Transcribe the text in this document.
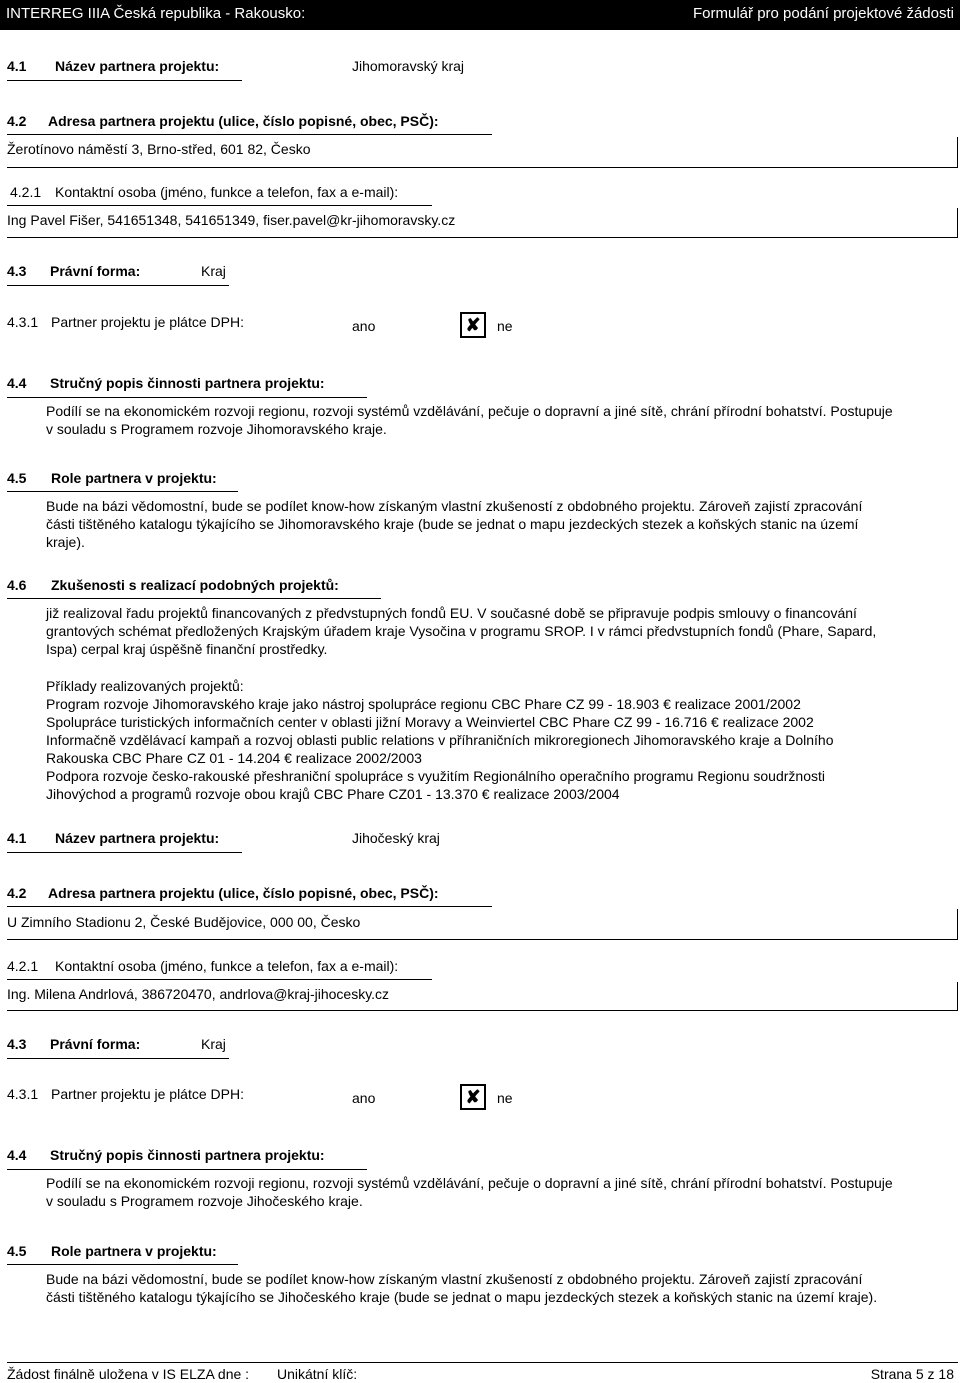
INTERREG IIIA Česká republika - Rakousko:	Formulář pro podání projektové žádosti
4.1 Název partnera projektu:	Jihomoravský kraj
4.2 Adresa partnera projektu (ulice, číslo popisné, obec, PSČ):
Žerotínovo náměstí 3, Brno-střed, 601 82, Česko
4.2.1 Kontaktní osoba (jméno, funkce a telefon, fax a e-mail):
Ing Pavel Fišer, 541651348, 541651349, fiser.pavel@kr-jihomoravsky.cz
4.3 Právní forma:	Kraj
4.3.1 Partner projektu je plátce DPH:	ano	✘ ne
4.4 Stručný popis činnosti partnera projektu:
Podílí se na ekonomickém rozvoji regionu, rozvoji systémů vzdělávání, pečuje o dopravní a jiné sítě, chrání přírodní bohatství. Postupuje
v souladu s Programem rozvoje Jihomoravského kraje.
4.5 Role partnera v projektu:
Bude na bázi vědomostní, bude se podílet know-how získaným vlastní zkušeností z obdobného projektu. Zároveň zajistí zpracování
části tištěného katalogu týkajícího se Jihomoravského kraje (bude se jednat o mapu jezdeckých stezek a koňských stanic na území
kraje).
4.6 Zkušenosti s realizací podobných projektů:
již realizoval řadu projektů financovaných z předvstupných fondů EU. V současné době se připravuje podpis smlouvy o financování
grantových schémat předložených Krajským úřadem kraje Vysočina v programu SROP. I v rámci předvstupních fondů (Phare, Sapard,
Ispa) cerpal kraj úspěšně finanční prostředky.
Příklady realizovaných projektů:
Program rozvoje Jihomoravského kraje jako nástroj spolupráce regionu CBC Phare CZ 99 - 18.903 € realizace 2001/2002
Spolupráce turistických informačních center v oblasti jižní Moravy a Weinviertel CBC Phare CZ 99 - 16.716 € realizace 2002
Informačně vzdělávací kampaň a rozvoj oblasti public relations v příhraničních mikroregionech Jihomoravského kraje a Dolního
Rakouska CBC Phare CZ 01 - 14.204 € realizace 2002/2003
Podpora rozvoje česko-rakouské přeshraniční spolupráce s využitím Regionálního operačního programu Regionu soudržnosti
Jihovýchod a programů rozvoje obou krajů CBC Phare CZ01 - 13.370 € realizace 2003/2004
4.1 Název partnera projektu:	Jihočeský kraj
4.2 Adresa partnera projektu (ulice, číslo popisné, obec, PSČ):
U Zimního Stadionu 2, České Budějovice, 000 00, Česko
4.2.1 Kontaktní osoba (jméno, funkce a telefon, fax a e-mail):
Ing. Milena Andrlová, 386720470, andrlova@kraj-jihocesky.cz
4.3 Právní forma:	Kraj
4.3.1 Partner projektu je plátce DPH:	ano	✘ ne
4.4 Stručný popis činnosti partnera projektu:
Podílí se na ekonomickém rozvoji regionu, rozvoji systémů vzdělávání, pečuje o dopravní a jiné sítě, chrání přírodní bohatství. Postupuje
v souladu s Programem rozvoje Jihočeského kraje.
4.5 Role partnera v projektu:
Bude na bázi vědomostní, bude se podílet know-how získaným vlastní zkušeností z obdobného projektu. Zároveň zajistí zpracování
části tištěného katalogu týkajícího se Jihočeského kraje (bude se jednat o mapu jezdeckých stezek a koňských stanic na území kraje).
Žádost finálně uložena v IS ELZA dne : Unikátní klíč:	Strana 5 z 18
